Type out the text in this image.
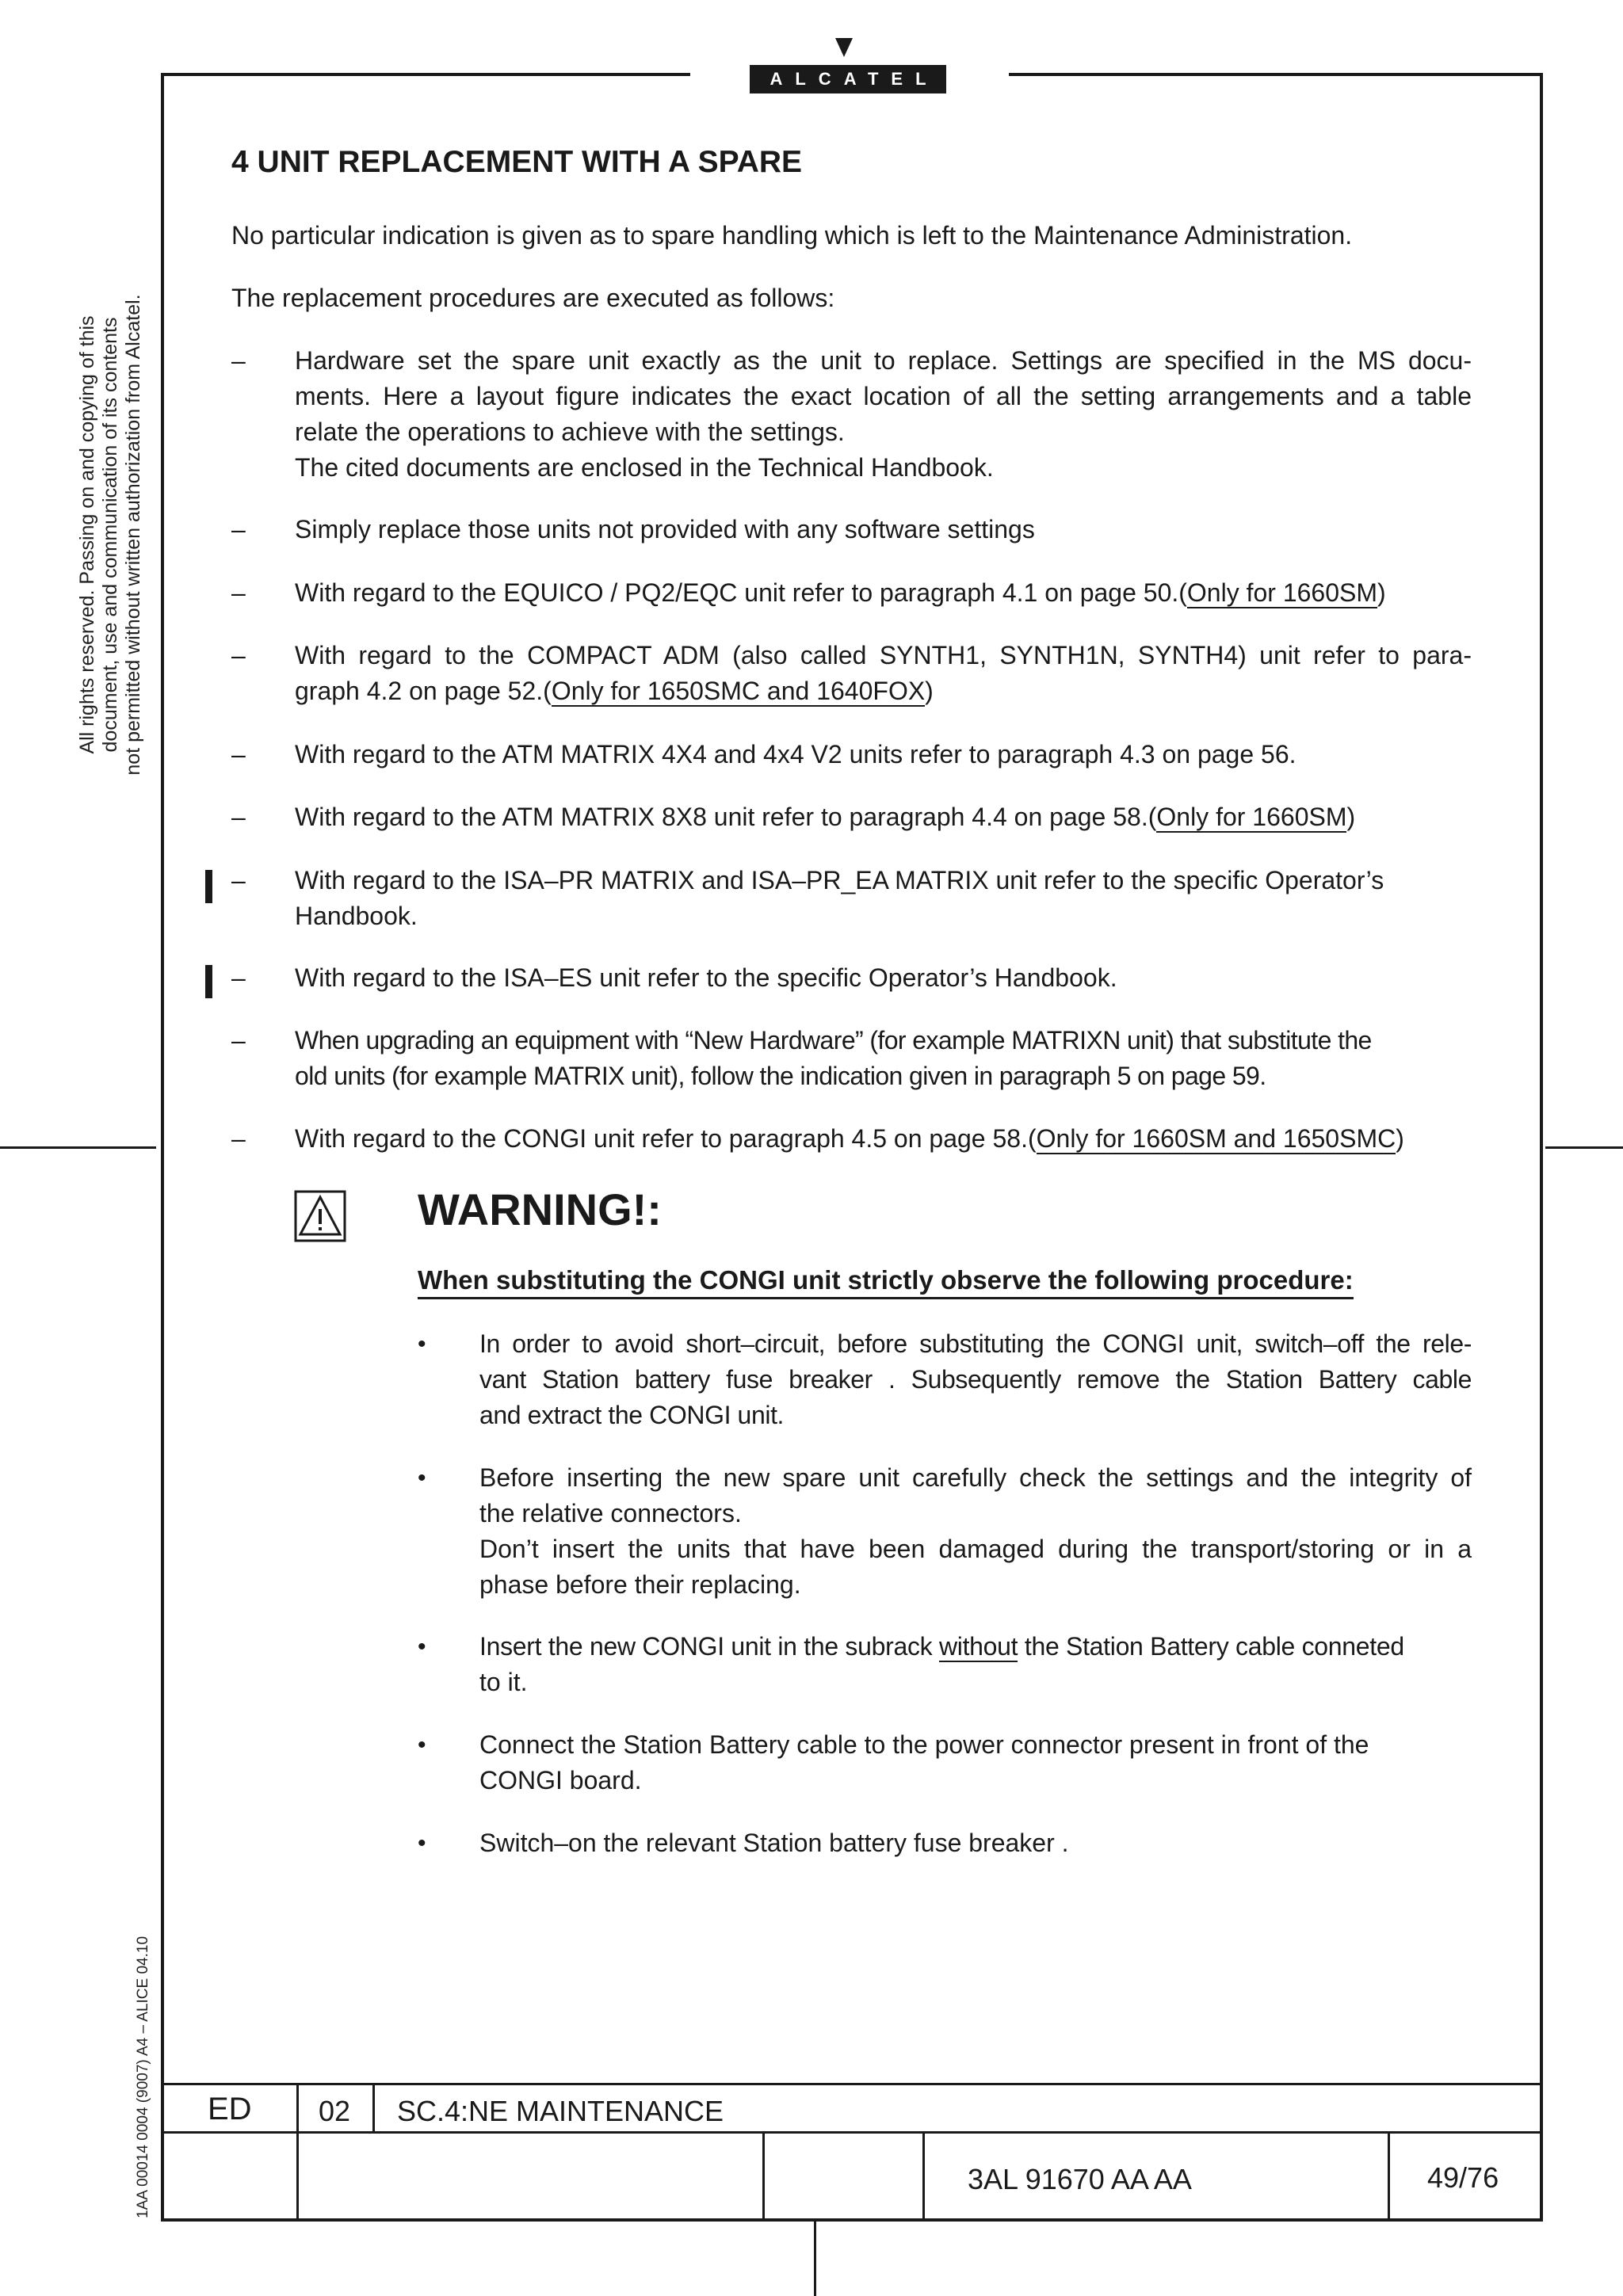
ALCATEL
All rights reserved. Passing on and copying of this document, use and communication of its contents not permitted without written authorization from Alcatel.
1AA 00014 0004 (9007) A4 – ALICE 04.10
4 UNIT REPLACEMENT WITH A SPARE
No particular indication is given as to spare handling which is left to the Maintenance Administration.
The replacement procedures are executed as follows:
– Hardware set the spare unit exactly as the unit to replace. Settings are specified in the MS docu-
ments. Here a layout figure indicates the exact location of all the setting arrangements and a table
relate the operations to achieve with the settings.
The cited documents are enclosed in the Technical Handbook.
– Simply replace those units not provided with any software settings
– With regard to the EQUICO / PQ2/EQC unit refer to paragraph 4.1 on page 50.(Only for 1660SM)
– With regard to the COMPACT ADM (also called SYNTH1, SYNTH1N, SYNTH4) unit refer to para-
graph 4.2 on page 52.(Only for 1650SMC and 1640FOX)
– With regard to the ATM MATRIX 4X4 and 4x4 V2 units refer to paragraph 4.3 on page 56.
– With regard to the ATM MATRIX 8X8 unit refer to paragraph 4.4 on page 58.(Only for 1660SM)
– With regard to the ISA–PR MATRIX and ISA–PR_EA MATRIX unit refer to the specific Operator’s
Handbook.
– With regard to the ISA–ES unit refer to the specific Operator’s Handbook.
– When upgrading an equipment with “New Hardware” (for example MATRIXN unit) that substitute the
old units (for example MATRIX unit), follow the indication given in paragraph 5 on page 59.
– With regard to the CONGI unit refer to paragraph 4.5 on page 58.(Only for 1660SM and 1650SMC)
WARNING!:
When substituting the CONGI unit strictly observe the following procedure:
• In order to avoid short–circuit, before substituting the CONGI unit, switch–off the rele-
vant Station battery fuse breaker . Subsequently remove the Station Battery cable
and extract the CONGI unit.
• Before inserting the new spare unit carefully check the settings and the integrity of
the relative connectors.
Don’t insert the units that have been damaged during the transport/storing or in a
phase before their replacing.
• Insert the new CONGI unit in the subrack without the Station Battery cable conneted
to it.
• Connect the Station Battery cable to the power connector present in front of the
CONGI board.
• Switch–on the relevant Station battery fuse breaker .
ED 02 SC.4:NE MAINTENANCE
3AL 91670 AA AA	49/76
